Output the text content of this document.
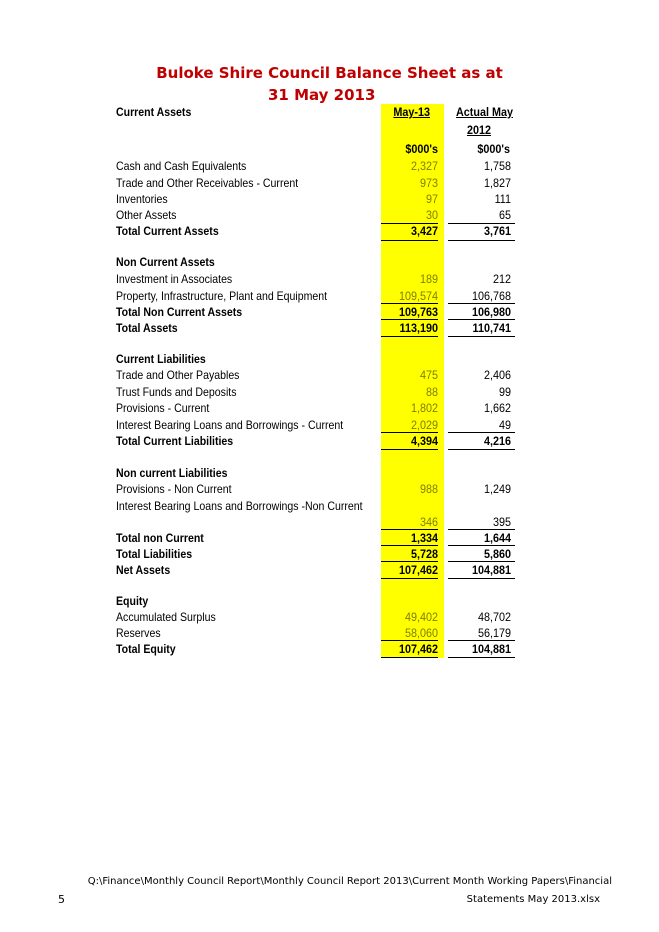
Buloke Shire Council Balance Sheet as at
31 May 2013
Current Assets	May-13 Actual May
2012
$000's	$000's
Cash and Cash Equivalents	2,327	1,758
Trade and Other Receivables - Current	973	1,827
Inventories	97	111
Other Assets	30	65
Total Current Assets	3,427	3,761
Non Current Assets
Investment in Associates	189	212
Property, Infrastructure, Plant and Equipment	109,574	106,768
Total Non Current Assets	109,763	106,980
Total Assets	113,190	110,741
Current Liabilities
Trade and Other Payables	475	2,406
Trust Funds and Deposits	88	99
Provisions - Current	1,802	1,662
Interest Bearing Loans and Borrowings - Current	2,029	49
Total Current Liabilities	4,394	4,216
Non current Liabilities
Provisions - Non Current	988	1,249
Interest Bearing Loans and Borrowings -Non Current
346	395
Total non Current	1,334	1,644
Total Liabilities	5,728	5,860
Net Assets	107,462	104,881
Equity
Accumulated Surplus	49,402	48,702
Reserves	58,060	56,179
Total Equity	107,462	104,881
Q:\Finance\Monthly Council Report\Monthly Council Report 2013\Current Month Working Papers\Financial
Statements May 2013.xlsx
5
